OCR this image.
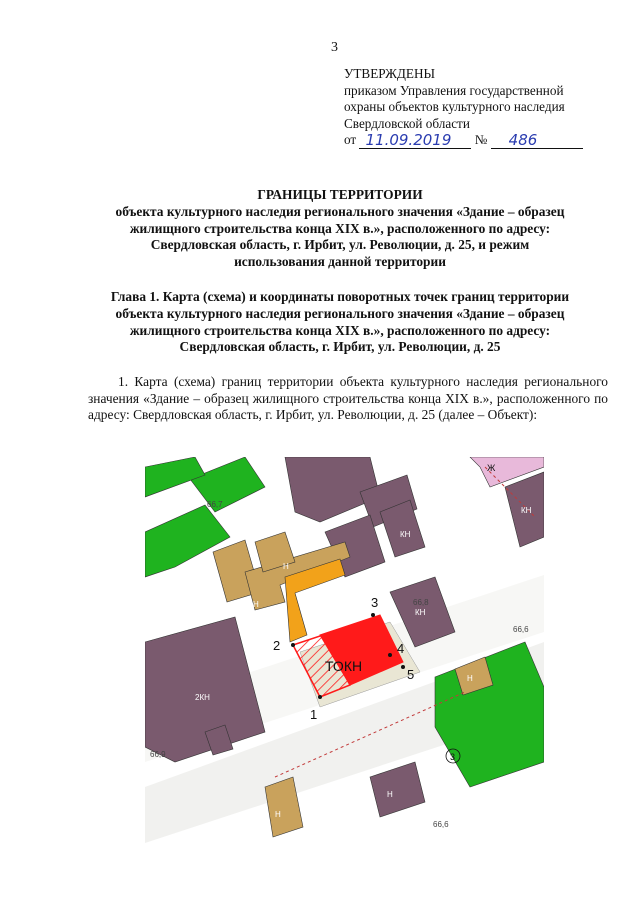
3
УТВЕРЖДЕНЫ
приказом Управления государственной
охраны объектов культурного наследия
Свердловской области
от 11.09.2019 № 486
ГРАНИЦЫ ТЕРРИТОРИИ
объекта культурного наследия регионального значения «Здание – образец
жилищного строительства конца XIX в.», расположенного по адресу:
Свердловская область, г. Ирбит, ул. Революции, д. 25, и режим
использования данной территории
Глава 1. Карта (схема) и координаты поворотных точек границ территории
объекта культурного наследия регионального значения «Здание – образец
жилищного строительства конца XIX в.», расположенного по адресу:
Свердловская область, г. Ирбит, ул. Революции, д. 25
1. Карта (схема) границ территории объекта культурного наследия регионального значения «Здание – образец жилищного строительства конца XIX в.», расположенного по адресу: Свердловская область, г. Ирбит, ул. Революции, д. 25 (далее – Объект):
ТОКН
1
2
3
4
5
Ж
КН
КН
КН
2КН
Н
Н
Н
Н
Н
Н
3
66,7
66,6
66,6
66,8
66,9
